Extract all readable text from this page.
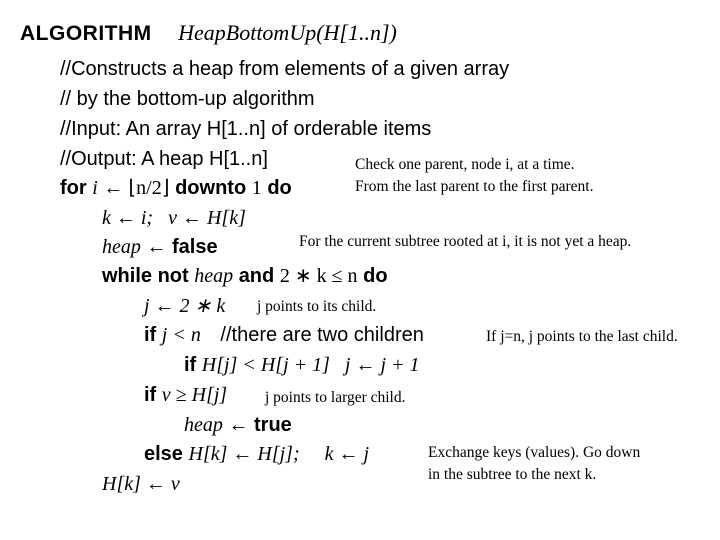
ALGORITHM HeapBottomUp(H[1..n])
//Constructs a heap from elements of a given array
// by the bottom-up algorithm
//Input: An array H[1..n] of orderable items
//Output: A heap H[1..n]
for i ← ⌊n/2⌋ downto 1 do
k ← i;   v ← H[k]
heap ← false
while not heap and 2 ∗ k ≤ n do
j ← 2 ∗ k
if j < n //there are two children
if H[j] < H[j + 1]   j ← j + 1
if v ≥ H[j]
heap ← true
else H[k] ← H[j];     k ← j
H[k] ← v
Check one parent, node i, at a time.
From the last parent to the first parent.
For the current subtree rooted at i, it is not yet a heap.
j points to its child.
If j=n, j points to the last child.
j points to larger child.
Exchange keys (values). Go down
in the subtree to the next k.
